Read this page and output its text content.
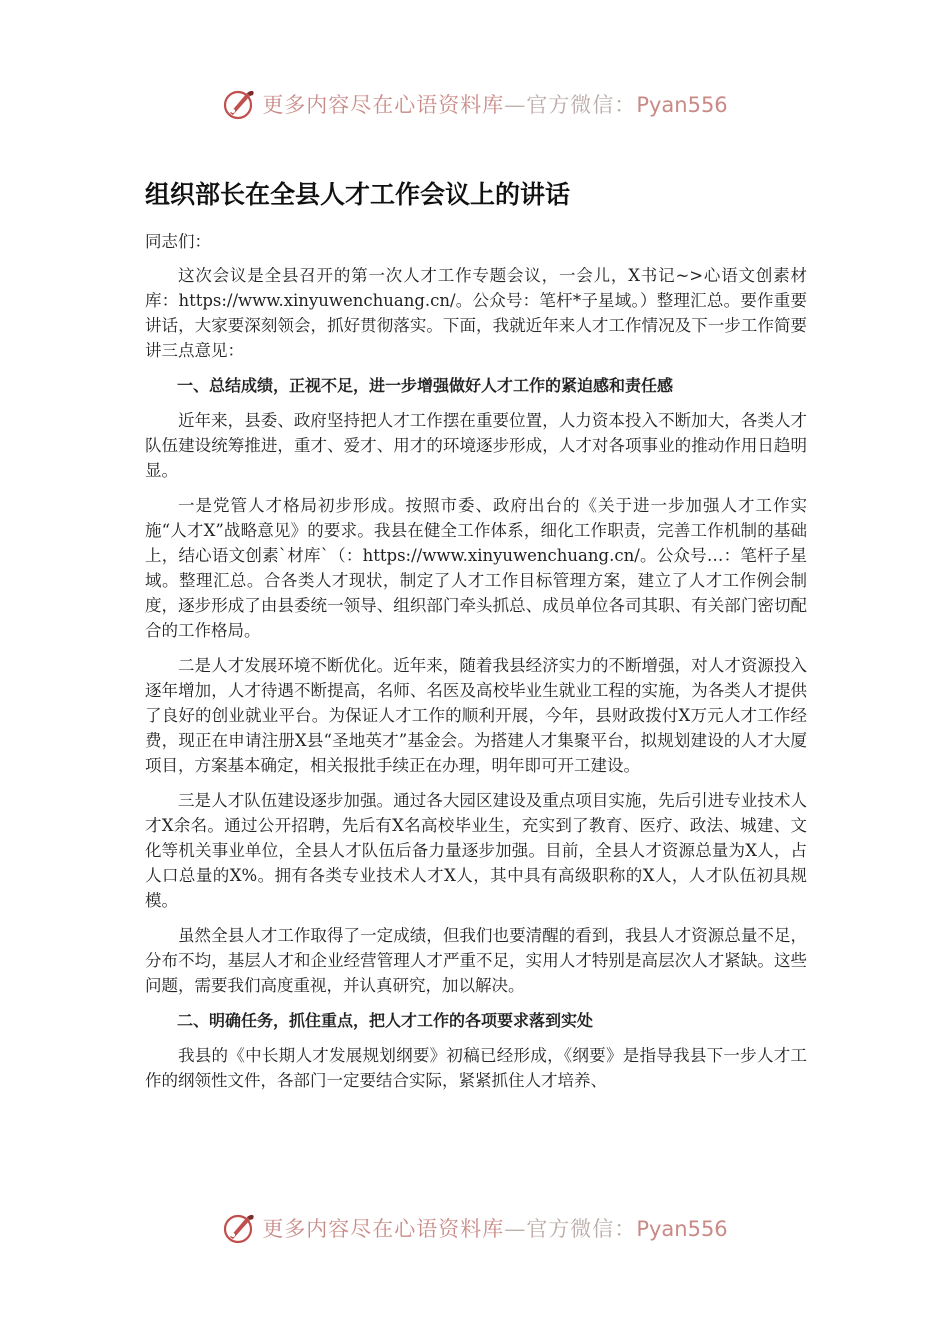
更多内容尽在心语资料库—官方微信：Pyan556
组织部长在全县人才工作会议上的讲话

同志们：

这次会议是全县召开的第一次人才工作专题会议，一会儿，X书记~>心语文创素材库：https://www.xinyuwenchuang.cn/。公众号：笔杆*子星域。）整理汇总。要作重要讲话，大家要深刻领会，抓好贯彻落实。下面，我就近年来人才工作情况及下一步工作简要讲三点意见：

一、总结成绩，正视不足，进一步增强做好人才工作的紧迫感和责任感

近年来，县委、政府坚持把人才工作摆在重要位置，人力资本投入不断加大，各类人才队伍建设统筹推进，重才、爱才、用才的环境逐步形成，人才对各项事业的推动作用日趋明显。

一是党管人才格局初步形成。按照市委、政府出台的《关于进一步加强人才工作实施“人才X”战略意见》的要求。我县在健全工作体系，细化工作职责，完善工作机制的基础上，结心语文创素`材库`（：https://www.xinyuwenchuang.cn/。公众号…：笔杆子星域。整理汇总。合各类人才现状，制定了人才工作目标管理方案，建立了人才工作例会制度，逐步形成了由县委统一领导、组织部门牵头抓总、成员单位各司其职、有关部门密切配合的工作格局。

二是人才发展环境不断优化。近年来，随着我县经济实力的不断增强，对人才资源投入逐年增加，人才待遇不断提高，名师、名医及高校毕业生就业工程的实施，为各类人才提供了良好的创业就业平台。为保证人才工作的顺利开展，今年，县财政拨付X万元人才工作经费，现正在申请注册X县“圣地英才”基金会。为搭建人才集聚平台，拟规划建设的人才大厦项目，方案基本确定，相关报批手续正在办理，明年即可开工建设。

三是人才队伍建设逐步加强。通过各大园区建设及重点项目实施，先后引进专业技术人才X余名。通过公开招聘，先后有X名高校毕业生，充实到了教育、医疗、政法、城建、文化等机关事业单位，全县人才队伍后备力量逐步加强。目前，全县人才资源总量为X人，占人口总量的X%。拥有各类专业技术人才X人，其中具有高级职称的X人，人才队伍初具规模。

虽然全县人才工作取得了一定成绩，但我们也要清醒的看到，我县人才资源总量不足，分布不均，基层人才和企业经营管理人才严重不足，实用人才特别是高层次人才紧缺。这些问题，需要我们高度重视，并认真研究，加以解决。

二、明确任务，抓住重点，把人才工作的各项要求落到实处

我县的《中长期人才发展规划纲要》初稿已经形成，《纲要》是指导我县下一步人才工作的纲领性文件，各部门一定要结合实际，紧紧抓住人才培养、

更多内容尽在心语资料库—官方微信：Pyan556
